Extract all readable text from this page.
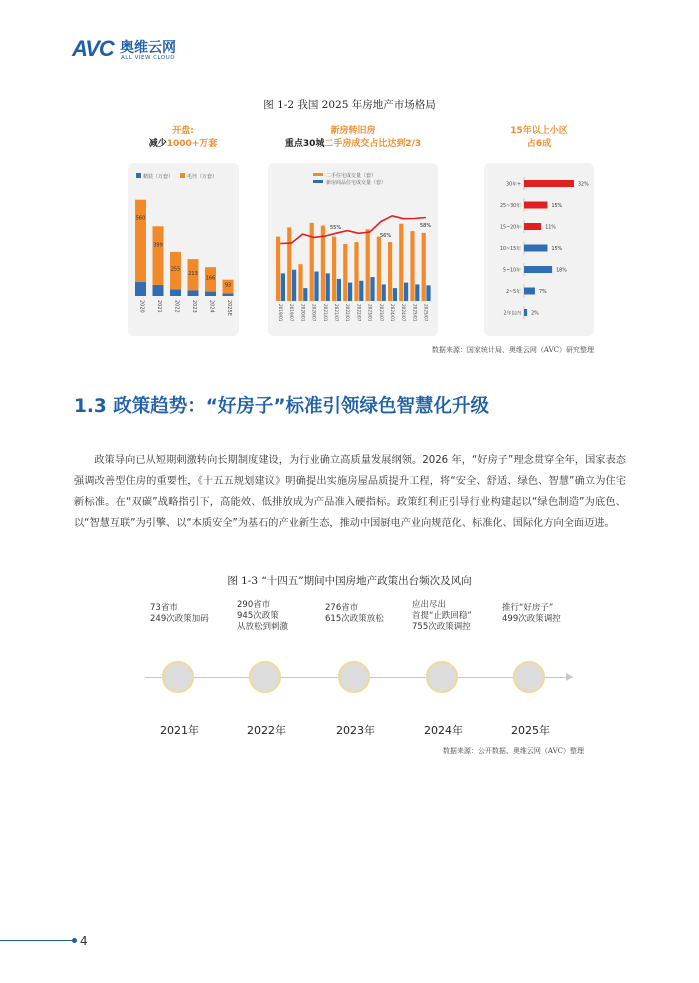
AVC 奥维云网
ALL VIEW CLOUD
图 1-2 我国 2025 年房地产市场格局
开盘:
减少1000+万套
新房转旧房
重点30城二手房成交占比达到2/3
15年以上小区
占6成
精装（万套）	毛坯（万套）
560
2020
399
2021
255
2022
213
2023
166
2024
93
2025E
二手住宅成交量（套）
新房商品住宅成交量（套）
2019/01 2019/07 2020/01 2020/07 2021/01 2021/07 2022/01 2022/07 2023/01 2023/07 2024/01 2024/07 2025/01 2025/07
55%
56%
58%
30年+	32%
25~30年	15%
15~20年	11%
10~15年	15%
5~10年	18%
2~5年	7%
2年以内 2%
数据来源：国家统计局、奥维云网（AVC）研究整理
1.3 政策趋势：“好房子”标准引领绿色智慧化升级
政策导向已从短期刺激转向长期制度建设，为行业确立高质量发展纲领。2026 年，“好房子”理念贯穿全年，国家表态强调改善型住房的重要性，《十五五规划建议》明确提出实施房屋品质提升工程，将“安全、舒适、绿色、智慧”确立为住宅新标准。在“双碳”战略指引下，高能效、低排放成为产品准入硬指标。政策红利正引导行业构建起以“绿色制造”为底色、以“智慧互联”为引擎、以“本质安全”为基石的产业新生态，推动中国厨电产业向规范化、标准化、国际化方向全面迈进。
图 1-3 “十四五”期间中国房地产政策出台频次及风向
73省市
249次政策加码
290省市
945次政策
从放松到刺激
276省市
615次政策放松
应出尽出
首提“止跌回稳”
755次政策调控
推行“好房子”
499次政策调控
2021年	2022年	2023年	2024年	2025年
数据来源：公开数据、奥维云网（AVC）整理
4
